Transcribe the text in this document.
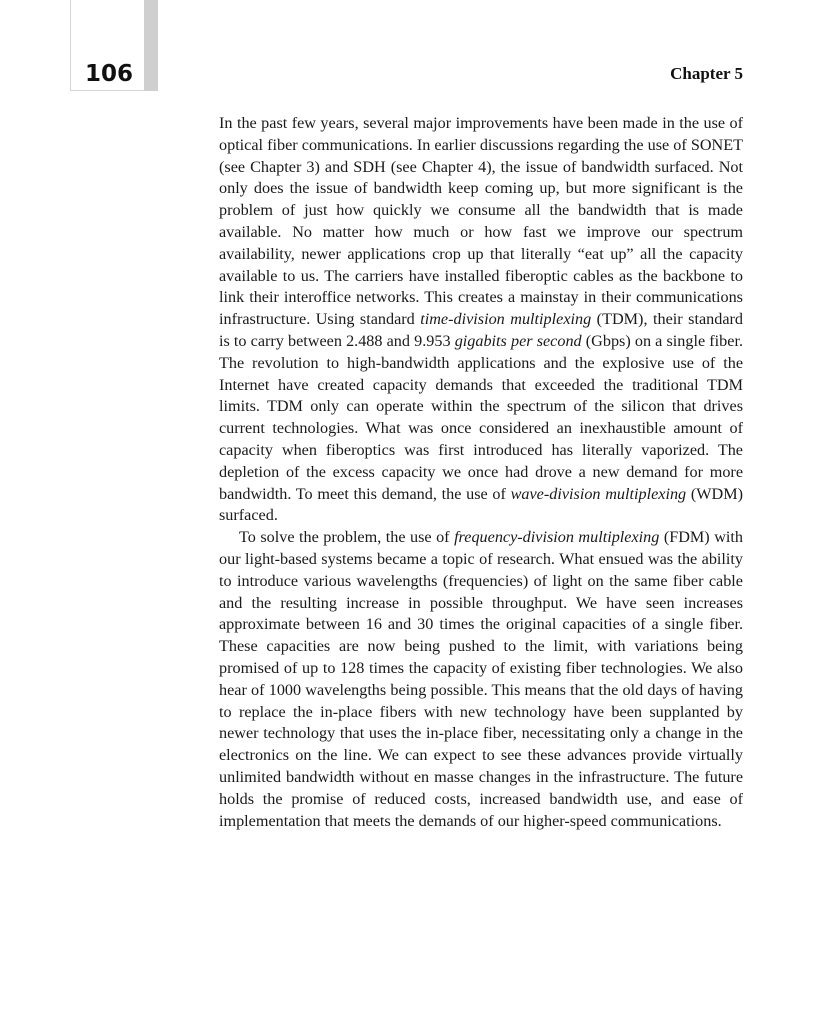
106	Chapter 5

In the past few years, several major improvements have been made in the use of optical fiber communications. In earlier discussions regarding the use of SONET (see Chapter 3) and SDH (see Chapter 4), the issue of bandwidth surfaced. Not only does the issue of bandwidth keep coming up, but more significant is the problem of just how quickly we consume all the bandwidth that is made available. No matter how much or how fast we improve our spectrum availability, newer applications crop up that literally “eat up” all the capacity available to us. The carriers have installed fiberoptic cables as the backbone to link their interoffice networks. This creates a mainstay in their communications infrastructure. Using standard time-division multiplexing (TDM), their standard is to carry between 2.488 and 9.953 gigabits per second (Gbps) on a single fiber. The revolution to high-bandwidth applications and the explosive use of the Internet have created capacity demands that exceeded the traditional TDM limits. TDM only can operate within the spectrum of the silicon that drives current technologies. What was once considered an inexhaustible amount of capacity when fiberoptics was first introduced has literally vaporized. The depletion of the excess capacity we once had drove a new demand for more bandwidth. To meet this demand, the use of wave-division multiplexing (WDM) surfaced.

To solve the problem, the use of frequency-division multiplexing (FDM) with our light-based systems became a topic of research. What ensued was the ability to introduce various wavelengths (frequencies) of light on the same fiber cable and the resulting increase in possible throughput. We have seen increases approximate between 16 and 30 times the original capacities of a single fiber. These capacities are now being pushed to the limit, with variations being promised of up to 128 times the capacity of existing fiber technologies. We also hear of 1000 wavelengths being possible. This means that the old days of having to replace the in-place fibers with new technology have been supplanted by newer technology that uses the in-place fiber, necessitating only a change in the electronics on the line. We can expect to see these advances provide virtually unlimited bandwidth without en masse changes in the infrastructure. The future holds the promise of reduced costs, increased bandwidth use, and ease of implementation that meets the demands of our higher-speed communications.
